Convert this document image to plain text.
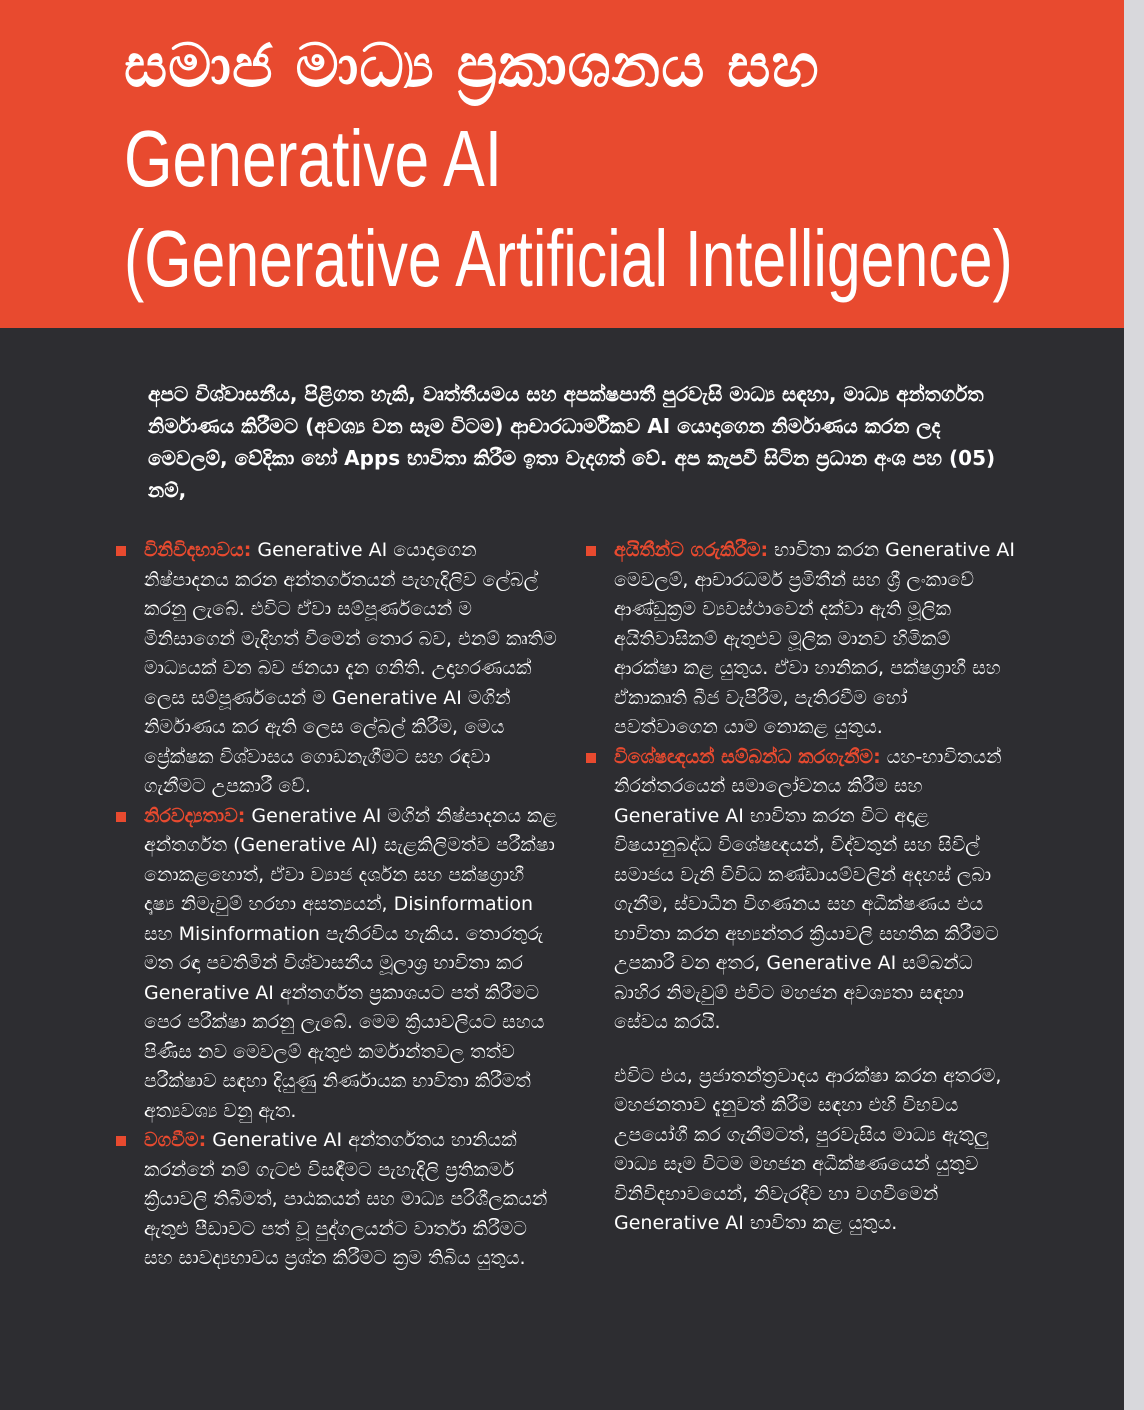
සමාජ මාධ්‍ය ප්‍රකාශනය සහ
Generative AI
(Generative Artificial Intelligence)
අපට විශ්වාසනීය, පිළිගත හැකි, වෘත්තීයමය සහ අපක්ෂපාතී පුරවැසි මාධ්‍ය සඳහා, මාධ්‍ය අන්තර්ගත නිර්මාණය කිරීමට (අවශ්‍ය වන සෑම විටම) ආචාරධාර්මිකව AI යොදාගෙන නිර්මාණය කරන ලද මෙවලම්, වේදිකා හෝ Apps භාවිතා කිරීම ඉතා වැදගත් වේ. අප කැපවී සිටින ප්‍රධාන අංශ පහ (05) නම්,
විනිවිදභාවය: Generative AI යොදාගෙන නිෂ්පාදනය කරන අන්තර්ගතයන් පැහැදිලිව ලේබල් කරනු ලැබේ. එවිට ඒවා සම්පූර්ණයෙන් ම මිනිසාගෙන් මැදිහත් වීමෙන් තොර බව, එනම් කෘතිම මාධ්‍යයක් වන බව ජනයා දැන ගනිති. උදාහරණයක් ලෙස සම්පූර්ණයෙන් ම Generative AI මගින් නිර්මාණය කර ඇති ලෙස ලේබල් කිරීම, මෙය ප්‍රේක්ෂක විශ්වාසය ගොඩනැගීමට සහ රඳවා ගැනීමට උපකාරී වේ.
නිරවද්‍යතාව: Generative AI මගින් නිෂ්පාදනය කළ අන්තර්ගත (Generative AI) සැළකිලිමත්ව පරීක්ෂා නොකළහොත්, ඒවා ව්‍යාජ දර්ශන සහ පක්ෂග්‍රාහී දෘෂ්‍ය නිමැවුම් හරහා අසත්‍යයන්, Disinformation සහ Misinformation පැතිරවිය හැකිය. තොරතුරු මත රඳා පවතිමින් විශ්වාසනීය මූලාශ්‍ර භාවිතා කර Generative AI අන්තර්ගත ප්‍රකාශයට පත් කිරීමට පෙර පරීක්ෂා කරනු ලැබේ. මෙම ක්‍රියාවලියට සහය පිණිස නව මෙවලම් ඇතුළු කර්මාන්තවල තත්ව පරීක්ෂාව සඳහා දියුණු නිර්ණායක භාවිතා කිරීමත් අත්‍යවශ්‍ය වනු ඇත.
වගවීම: Generative AI අන්තර්ගතය හානියක් කරන්නේ නම් ගැටළු විසඳීමට පැහැදිලි ප්‍රතිකර්ම ක්‍රියාවලි තිබීමත්, පාඨකයන් සහ මාධ්‍ය පරිශීලකයන් ඇතුළු පීඩාවට පත් වූ පුද්ගලයන්ට වාර්තා කිරීමට සහ සාවද්‍යභාවය ප්‍රශ්න කිරීමට ක්‍රම තිබිය යුතුය.
අයිතීන්ට ගරුකිරීම: භාවිතා කරන Generative AI මෙවලම්, ආචාරධර්ම ප්‍රමිතීන් සහ ශ්‍රී ලංකාවේ ආණ්ඩුක්‍රම ව්‍යවස්ථාවෙන් දක්වා ඇති මූලික අයිතිවාසිකම් ඇතුළුව මූලික මානව හිමිකම් ආරක්ෂා කළ යුතුය. ඒවා හානිකර, පක්ෂග්‍රාහී සහ ඒකාකෘති බීජ වැපිරීම, පැතිරවීම හෝ පවත්වාගෙන යාම නොකළ යුතුය.
විශේෂඥයන් සම්බන්ධ කරගැනීම: යහ-භාවිතයන් නිරන්තරයෙන් සමාලෝචනය කිරීම සහ Generative AI භාවිතා කරන විට අදාළ විෂයානුබද්ධ විශේෂඥයන්, විද්වතුන් සහ සිවිල් සමාජය වැනි විවිධ කණ්ඩායම්වලින් අදහස් ලබා ගැනීම, ස්වාධීන විගණනය සහ අධීක්ෂණය එය භාවිතා කරන අභ්‍යන්තර ක්‍රියාවලි සහතික කිරීමට උපකාරී වන අතර, Generative AI සම්බන්ධ බාහිර නිමැවුම් එවිට මහජන අවශ්‍යතා සඳහා සේවය කරයි.
එවිට එය, ප්‍රජාතන්ත්‍රවාදය ආරක්ෂා කරන අතරම, මහජනතාව දැනුවත් කිරීම සඳහා එහි විභවය උපයෝගී කර ගැනීමටත්, පුරවැසිය මාධ්‍ය ඇතුලු මාධ්‍ය සෑම විටම මහජන අධීක්ෂණයෙන් යුතුව විනිවිදභාවයෙන්, නිවැරදිව හා වගවීමෙන් Generative AI භාවිතා කළ යුතුය.
